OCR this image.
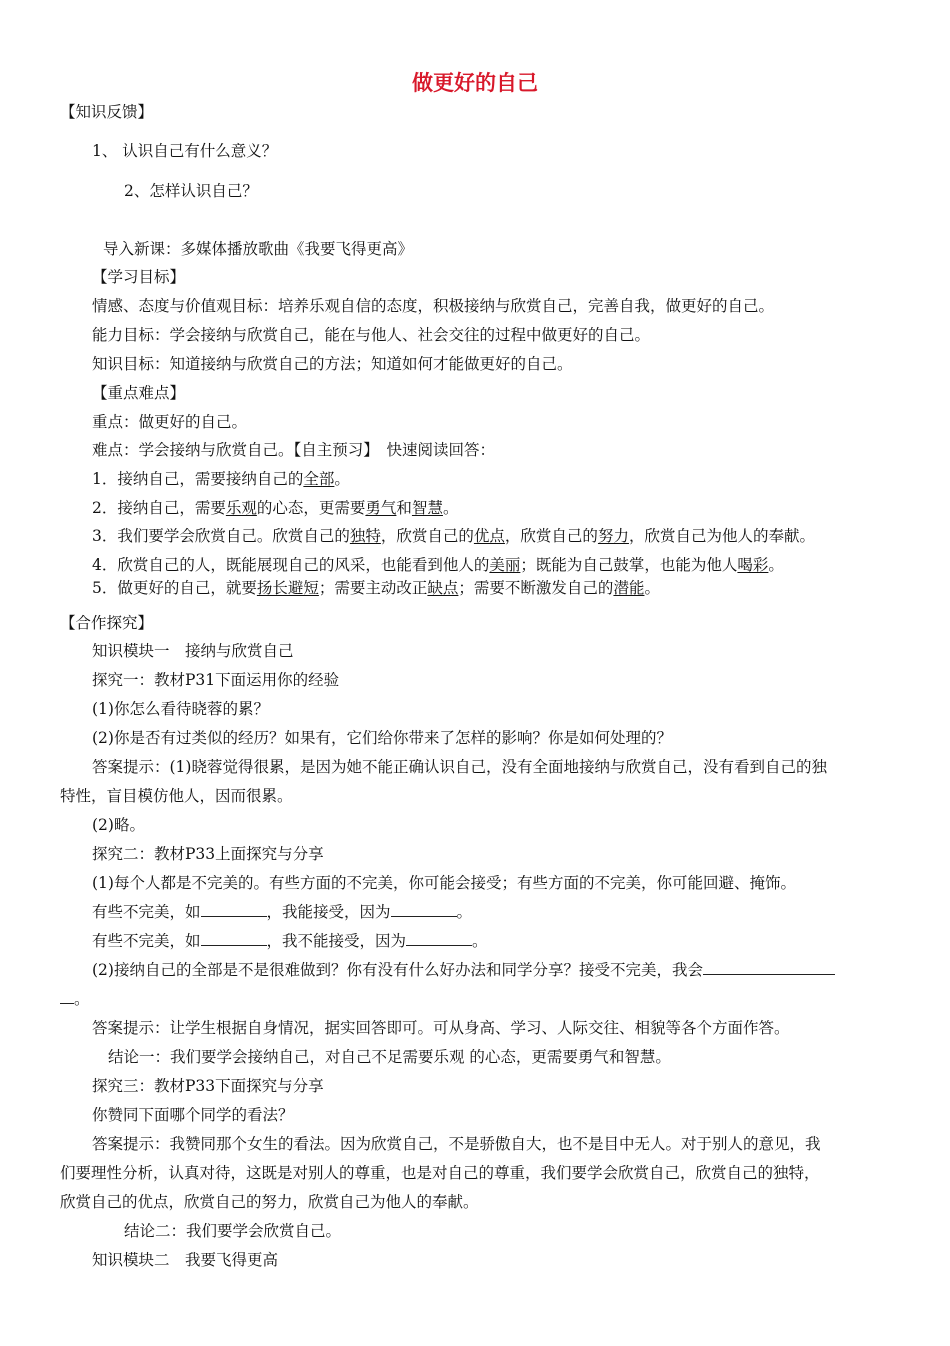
做更好的自己
【知识反馈】
1、 认识自己有什么意义？
2、怎样认识自己？
导入新课：多媒体播放歌曲《我要飞得更高》
【学习目标】
情感、态度与价值观目标：培养乐观自信的态度，积极接纳与欣赏自己，完善自我，做更好的自己。
能力目标：学会接纳与欣赏自己，能在与他人、社会交往的过程中做更好的自己。
知识目标：知道接纳与欣赏自己的方法；知道如何才能做更好的自己。
【重点难点】
重点：做更好的自己。
难点：学会接纳与欣赏自己。【自主预习】　快速阅读回答：
1．接纳自己，需要接纳自己的全部。
2．接纳自己，需要乐观的心态，更需要勇气和智慧。
3．我们要学会欣赏自己。欣赏自己的独特，欣赏自己的优点，欣赏自己的努力，欣赏自己为他人的奉献。
4．欣赏自己的人，既能展现自己的风采，也能看到他人的美丽；既能为自己鼓掌，也能为他人喝彩。
5．做更好的自己，就要扬长避短；需要主动改正缺点；需要不断激发自己的潜能。
【合作探究】
知识模块一　接纳与欣赏自己
探究一：教材P31下面运用你的经验
(1)你怎么看待晓蓉的累？
(2)你是否有过类似的经历？如果有，它们给你带来了怎样的影响？你是如何处理的？
答案提示：(1)晓蓉觉得很累，是因为她不能正确认识自己，没有全面地接纳与欣赏自己，没有看到自己的独
特性，盲目模仿他人，因而很累。
(2)略。
探究二：教材P33上面探究与分享
(1)每个人都是不完美的。有些方面的不完美，你可能会接受；有些方面的不完美，你可能回避、掩饰。
有些不完美，如	，我能接受，因为	。
有些不完美，如	，我不能接受，因为	。
(2)接纳自己的全部是不是很难做到？你有没有什么好办法和同学分享？接受不完美，我会
。
答案提示：让学生根据自身情况，据实回答即可。可从身高、学习、人际交往、相貌等各个方面作答。
结论一：我们要学会接纳自己，对自己不足需要乐观 的心态，更需要勇气和智慧。
探究三：教材P33下面探究与分享
你赞同下面哪个同学的看法？
答案提示：我赞同那个女生的看法。因为欣赏自己，不是骄傲自大，也不是目中无人。对于别人的意见，我
们要理性分析，认真对待，这既是对别人的尊重，也是对自己的尊重，我们要学会欣赏自己，欣赏自己的独特，
欣赏自己的优点，欣赏自己的努力，欣赏自己为他人的奉献。
结论二：我们要学会欣赏自己。
知识模块二　我要飞得更高
